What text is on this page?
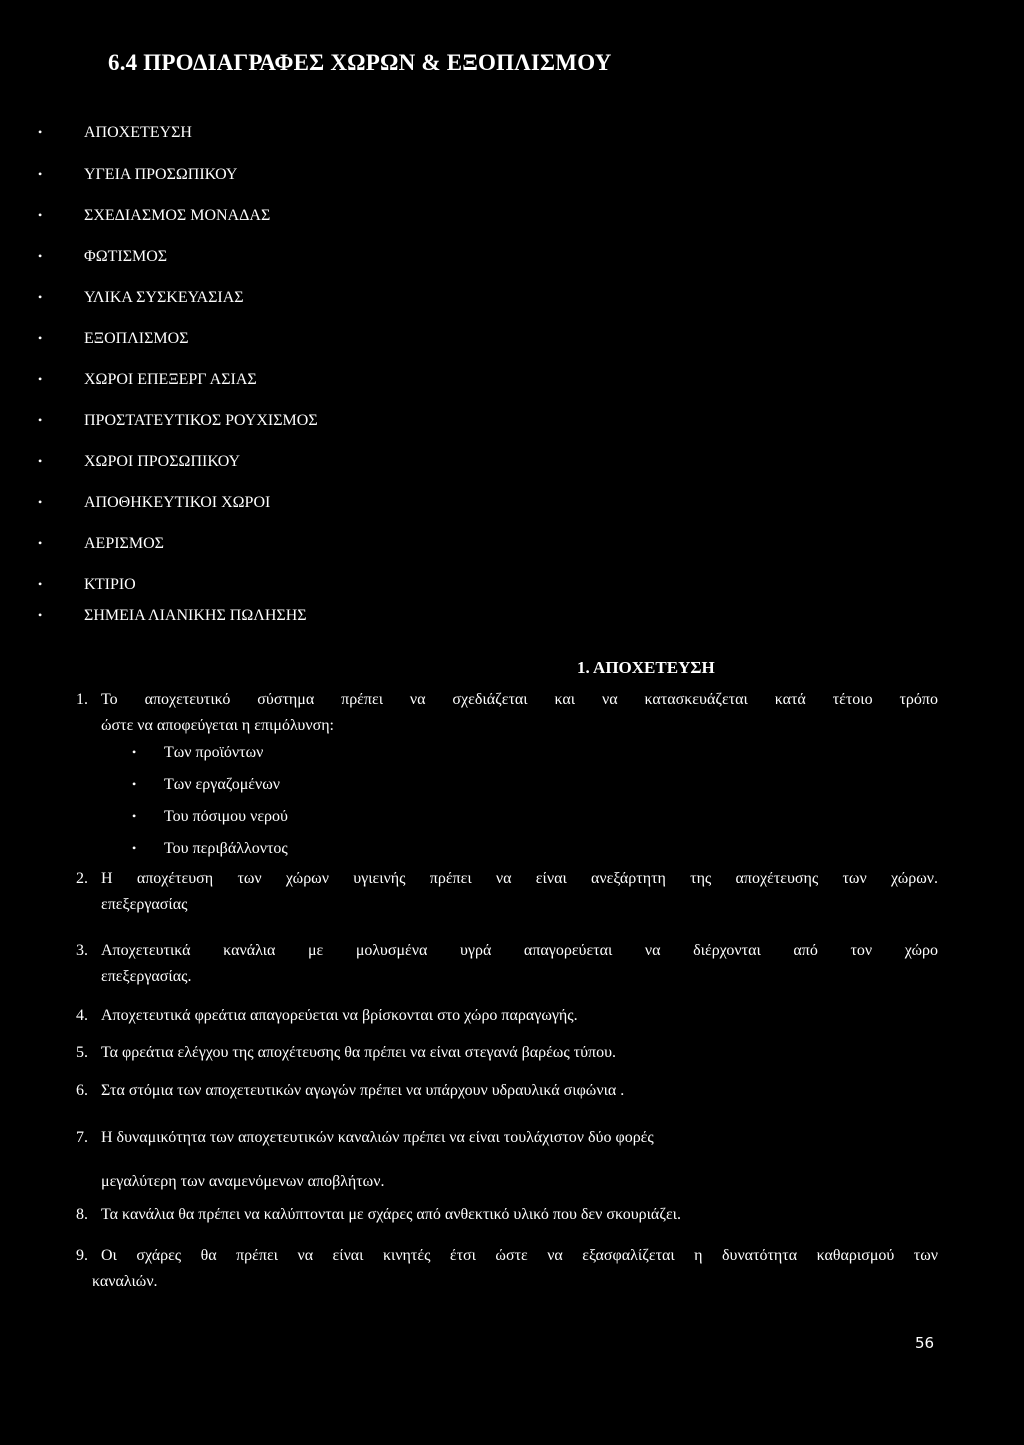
6.4 ΠΡΟΔΙΑΓΡΑΦΕΣ ΧΩΡΩΝ & ΕΞΟΠΛΙΣΜΟΥ
•	ΑΠΟΧΕΤΕΥΣΗ
•	ΥΓΕΙΑ ΠΡΟΣΩΠΙΚΟΥ
•	ΣΧΕΔΙΑΣΜΟΣ ΜΟΝΑΔΑΣ
•	ΦΩΤΙΣΜΟΣ
•	ΥΛΙΚΑ ΣΥΣΚΕΥΑΣΙΑΣ
•	ΕΞΟΠΛΙΣΜΟΣ
•	ΧΩΡΟΙ ΕΠΕΞΕΡΓ ΑΣΙΑΣ
•	ΠΡΟΣΤΑΤΕΥΤΙΚΟΣ ΡΟΥΧΙΣΜΟΣ
•	ΧΩΡΟΙ ΠΡΟΣΩΠΙΚΟΥ
•	ΑΠΟΘΗΚΕΥΤΙΚΟΙ ΧΩΡΟΙ
•	ΑΕΡΙΣΜΟΣ
•	ΚΤΙΡΙΟ
•	ΣΗΜΕΙΑ ΛΙΑΝΙΚΗΣ ΠΩΛΗΣΗΣ
1. ΑΠΟΧΕΤΕΥΣΗ
1. Το αποχετευτικό σύστημα πρέπει να σχεδιάζεται και να κατασκευάζεται κατά τέτοιο τρόπο
ώστε να αποφεύγεται η επιμόλυνση:
• Των προϊόντων
• Των εργαζομένων
• Του πόσιμου νερού
• Του περιβάλλοντος
2. Η αποχέτευση των χώρων υγιεινής πρέπει να είναι ανεξάρτητη της αποχέτευσης των χώρων.
επεξεργασίας
3. Αποχετευτικά κανάλια με μολυσμένα υγρά απαγορεύεται να διέρχονται από τον χώρο
επεξεργασίας.
4. Αποχετευτικά φρεάτια απαγορεύεται να βρίσκονται στο χώρο παραγωγής.
5. Τα φρεάτια ελέγχου της αποχέτευσης θα πρέπει να είναι στεγανά βαρέως τύπου.
6. Στα στόμια των αποχετευτικών αγωγών πρέπει να υπάρχουν υδραυλικά σιφώνια .
7. Η δυναμικότητα των αποχετευτικών καναλιών πρέπει να είναι τουλάχιστον δύο φορές
μεγαλύτερη των αναμενόμενων αποβλήτων.
8. Τα κανάλια θα πρέπει να καλύπτονται με σχάρες από ανθεκτικό υλικό που δεν σκουριάζει.
9. Οι σχάρες θα πρέπει να είναι κινητές έτσι ώστε να εξασφαλίζεται η δυνατότητα καθαρισμού των
καναλιών.
56
